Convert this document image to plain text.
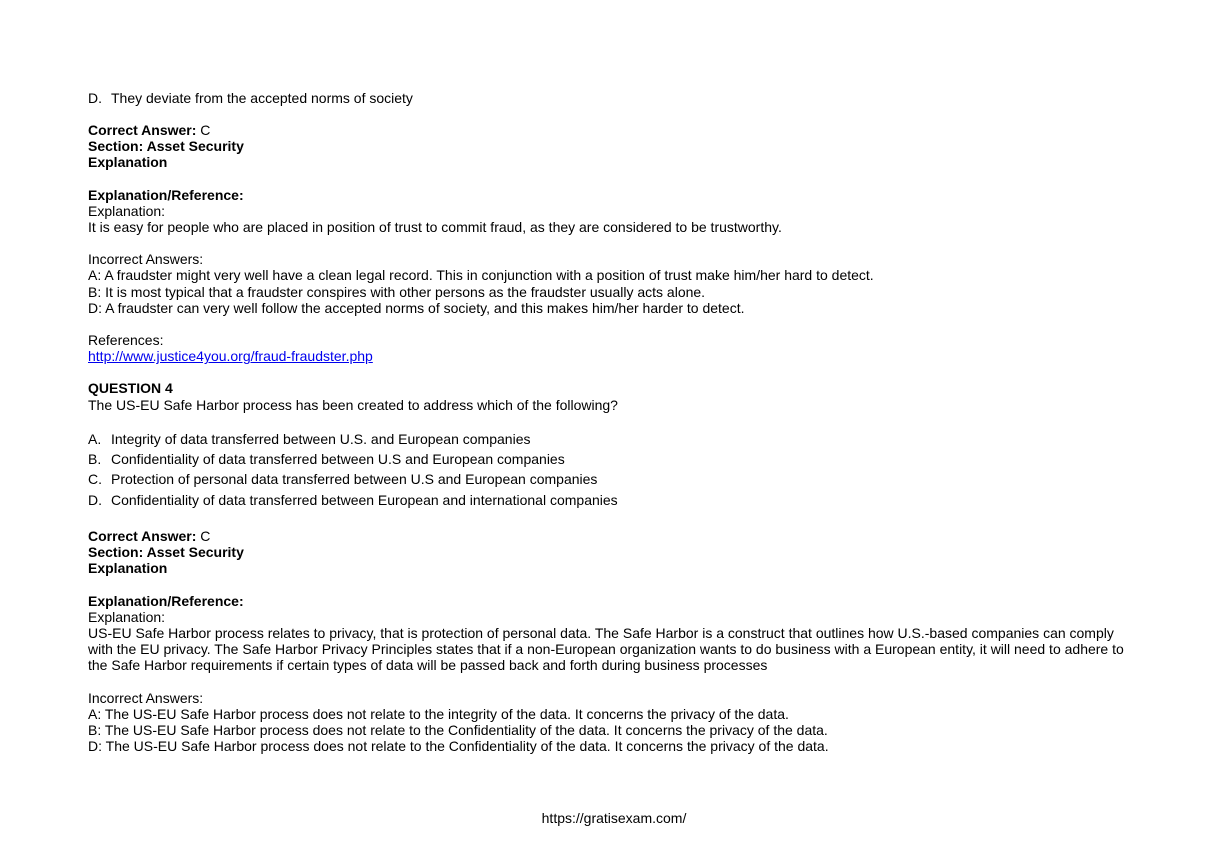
D. They deviate from the accepted norms of society
Correct Answer: C
Section: Asset Security
Explanation
Explanation/Reference:
Explanation:
It is easy for people who are placed in position of trust to commit fraud, as they are considered to be trustworthy.
Incorrect Answers:
A: A fraudster might very well have a clean legal record. This in conjunction with a position of trust make him/her hard to detect.
B: It is most typical that a fraudster conspires with other persons as the fraudster usually acts alone.
D: A fraudster can very well follow the accepted norms of society, and this makes him/her harder to detect.
References:
http://www.justice4you.org/fraud-fraudster.php
QUESTION 4
The US-EU Safe Harbor process has been created to address which of the following?
A. Integrity of data transferred between U.S. and European companies
B. Confidentiality of data transferred between U.S and European companies
C. Protection of personal data transferred between U.S and European companies
D. Confidentiality of data transferred between European and international companies
Correct Answer: C
Section: Asset Security
Explanation
Explanation/Reference:
Explanation:
US-EU Safe Harbor process relates to privacy, that is protection of personal data. The Safe Harbor is a construct that outlines how U.S.-based companies can comply with the EU privacy. The Safe Harbor Privacy Principles states that if a non-European organization wants to do business with a European entity, it will need to adhere to the Safe Harbor requirements if certain types of data will be passed back and forth during business processes
Incorrect Answers:
A: The US-EU Safe Harbor process does not relate to the integrity of the data. It concerns the privacy of the data.
B: The US-EU Safe Harbor process does not relate to the Confidentiality of the data. It concerns the privacy of the data.
D: The US-EU Safe Harbor process does not relate to the Confidentiality of the data. It concerns the privacy of the data.
https://gratisexam.com/
